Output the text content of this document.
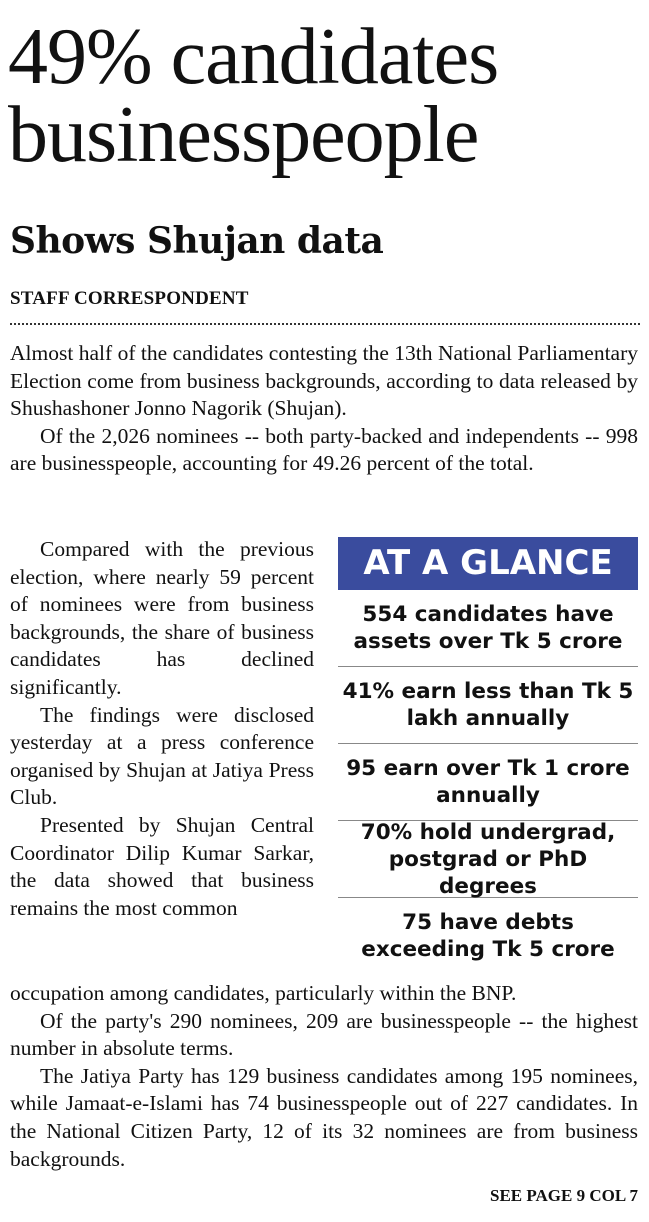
49% candidates
businesspeople
Shows Shujan data
STAFF CORRESPONDENT

Almost half of the candidates contesting the 13th National Parliamentary Election come from business backgrounds, according to data released by Shushashoner Jonno Nagorik (Shujan).

Of the 2,026 nominees -- both party-backed and independents -- 998 are businesspeople, accounting for 49.26 percent of the total.

Compared with the previous election, where nearly 59 percent of nominees were from business backgrounds, the share of business candidates has declined significantly.

The findings were disclosed yesterday at a press conference organised by Shujan at Jatiya Press Club.

Presented by Shujan Central Coordinator Dilip Kumar Sarkar, the data showed that business remains the most common

AT A GLANCE
554 candidates have assets over Tk 5 crore
41% earn less than Tk 5 lakh annually
95 earn over Tk 1 crore annually
70% hold undergrad, postgrad or PhD degrees
75 have debts exceeding Tk 5 crore

occupation among candidates, particularly within the BNP.

Of the party's 290 nominees, 209 are businesspeople -- the highest number in absolute terms.

The Jatiya Party has 129 business candidates among 195 nominees, while Jamaat-e-Islami has 74 businesspeople out of 227 candidates. In the National Citizen Party, 12 of its 32 nominees are from business backgrounds.

SEE PAGE 9 COL 7
